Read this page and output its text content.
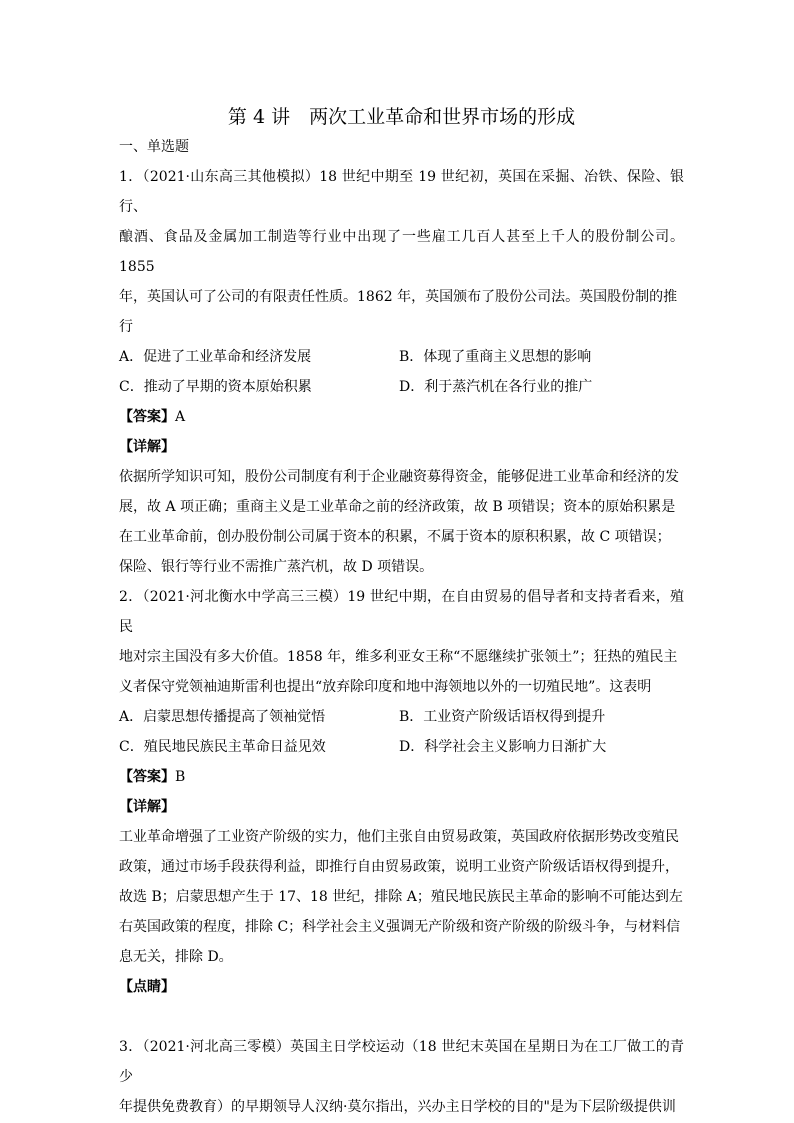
第 4 讲　两次工业革命和世界市场的形成
一、单选题
1．（2021·山东高三其他模拟）18 世纪中期至 19 世纪初，英国在采掘、冶铁、保险、银行、
酿酒、食品及金属加工制造等行业中出现了一些雇工几百人甚至上千人的股份制公司。1855
年，英国认可了公司的有限责任性质。1862 年，英国颁布了股份公司法。英国股份制的推
行
A．促进了工业革命和经济发展	B．体现了重商主义思想的影响
C．推动了早期的资本原始积累	D．利于蒸汽机在各行业的推广
【答案】A
【详解】
依据所学知识可知，股份公司制度有利于企业融资募得资金，能够促进工业革命和经济的发
展，故 A 项正确；重商主义是工业革命之前的经济政策，故 B 项错误；资本的原始积累是
在工业革命前，创办股份制公司属于资本的积累，不属于资本的原积积累，故 C 项错误；
保险、银行等行业不需推广蒸汽机，故 D 项错误。
2．（2021·河北衡水中学高三三模）19 世纪中期，在自由贸易的倡导者和支持者看来，殖民
地对宗主国没有多大价值。1858 年，维多利亚女王称“不愿继续扩张领土”；狂热的殖民主
义者保守党领袖迪斯雷利也提出“放弃除印度和地中海领地以外的一切殖民地”。这表明
A．启蒙思想传播提高了领袖觉悟	B．工业资产阶级话语权得到提升
C．殖民地民族民主革命日益见效	D．科学社会主义影响力日渐扩大
【答案】B
【详解】
工业革命增强了工业资产阶级的实力，他们主张自由贸易政策，英国政府依据形势改变殖民
政策，通过市场手段获得利益，即推行自由贸易政策，说明工业资产阶级话语权得到提升，
故选 B；启蒙思想产生于 17、18 世纪，排除 A；殖民地民族民主革命的影响不可能达到左
右英国政策的程度，排除 C；科学社会主义强调无产阶级和资产阶级的阶级斗争，与材料信
息无关，排除 D。
【点睛】
3．（2021·河北高三零模）英国主日学校运动（18 世纪末英国在星期日为在工厂做工的青少
年提供免费教育）的早期领导人汉纳·莫尔指出，兴办主日学校的目的"是为下层阶级提供训
